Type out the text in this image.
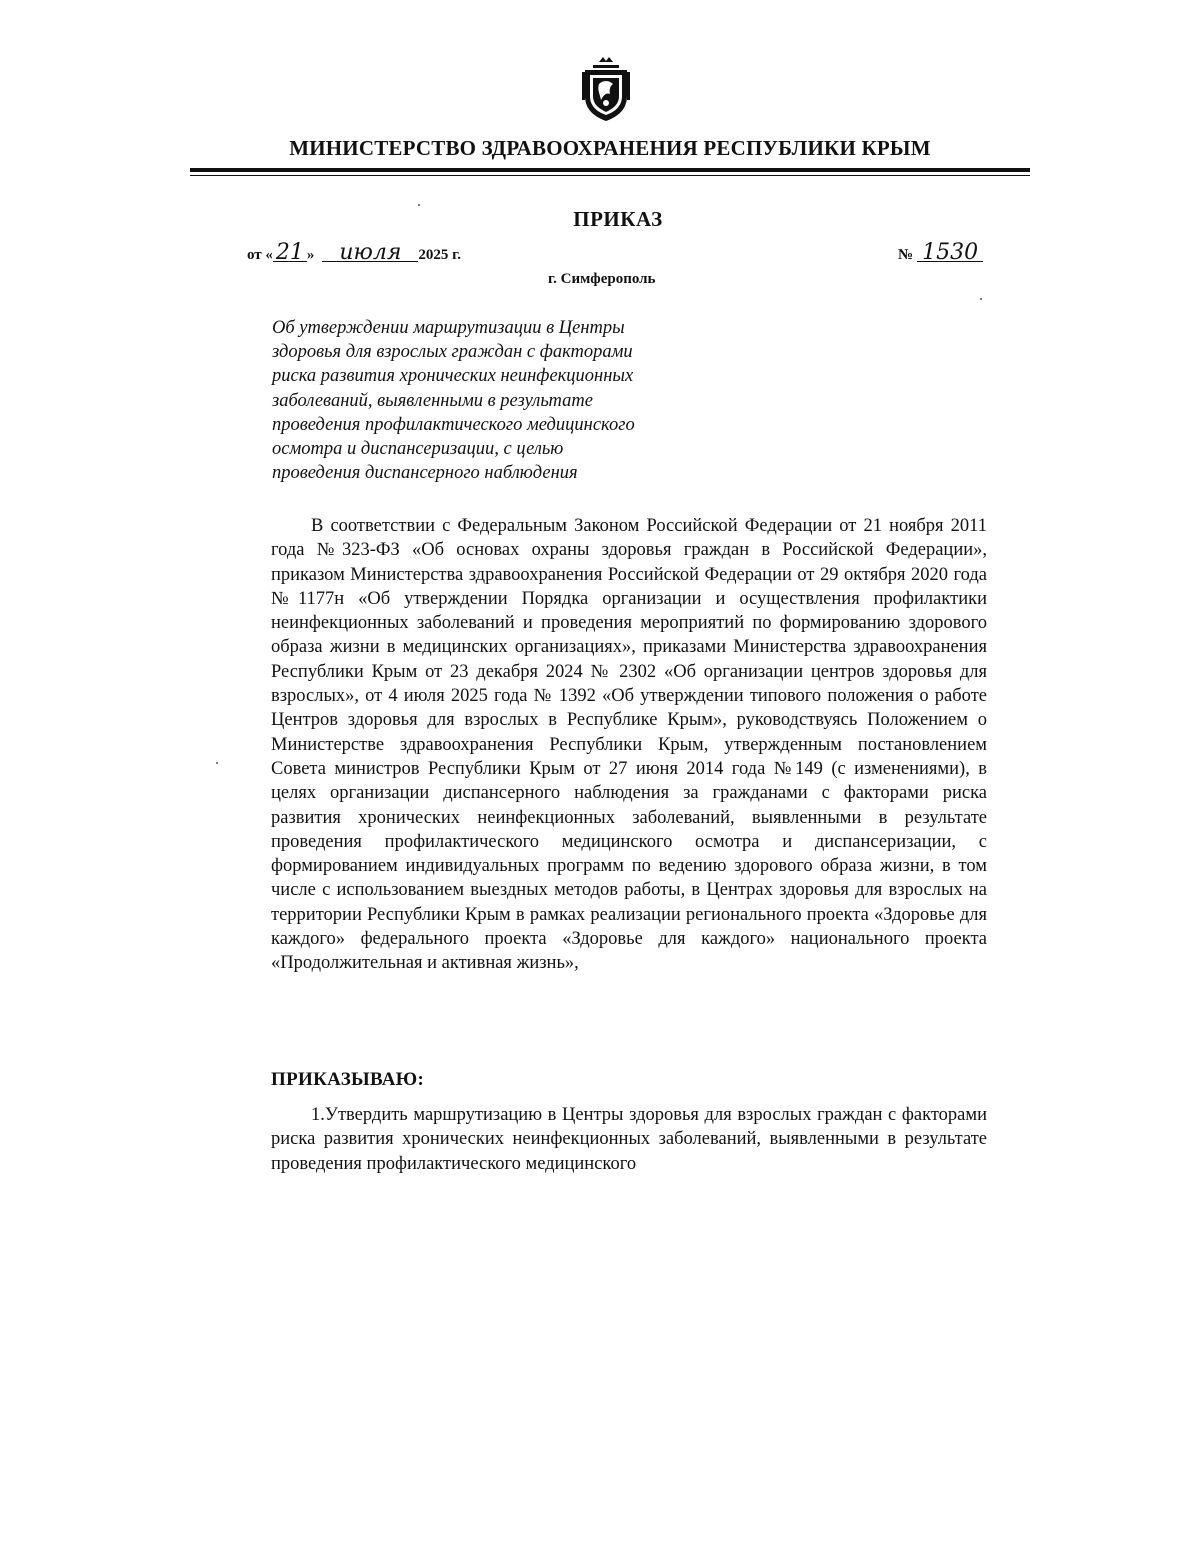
МИНИСТЕРСТВО ЗДРАВООХРАНЕНИЯ РЕСПУБЛИКИ КРЫМ
ПРИКАЗ
от « 21 » июля 2025 г.	№ 1530
г. Симферополь
Об утверждении маршрутизации в Центры
здоровья для взрослых граждан с факторами
риска развития хронических неинфекционных
заболеваний, выявленными в результате
проведения профилактического медицинского
осмотра и диспансеризации, с целью
проведения диспансерного наблюдения
В соответствии с Федеральным Законом Российской Федерации от 21 ноября 2011 года №323-ФЗ «Об основах охраны здоровья граждан в Российской Федерации», приказом Министерства здравоохранения Российской Федерации от 29 октября 2020 года №1177н «Об утверждении Порядка организации и осуществления профилактики неинфекционных заболеваний и проведения мероприятий по формированию здорового образа жизни в медицинских организациях», приказами Министерства здравоохранения Республики Крым от 23 декабря 2024 № 2302 «Об организации центров здоровья для взрослых», от 4 июля 2025 года № 1392 «Об утверждении типового положения о работе Центров здоровья для взрослых в Республике Крым», руководствуясь Положением о Министерстве здравоохранения Республики Крым, утвержденным постановлением Совета министров Республики Крым от 27 июня 2014 года №149 (с изменениями), в целях организации диспансерного наблюдения за гражданами с факторами риска развития хронических неинфекционных заболеваний, выявленными в результате проведения профилактического медицинского осмотра и диспансеризации, с формированием индивидуальных программ по ведению здорового образа жизни, в том числе с использованием выездных методов работы, в Центрах здоровья для взрослых на территории Республики Крым в рамках реализации регионального проекта «Здоровье для каждого» федерального проекта «Здоровье для каждого» национального проекта «Продолжительная и активная жизнь»,
ПРИКАЗЫВАЮ:
1.Утвердить маршрутизацию в Центры здоровья для взрослых граждан с факторами риска развития хронических неинфекционных заболеваний, выявленными в результате проведения профилактического медицинского
